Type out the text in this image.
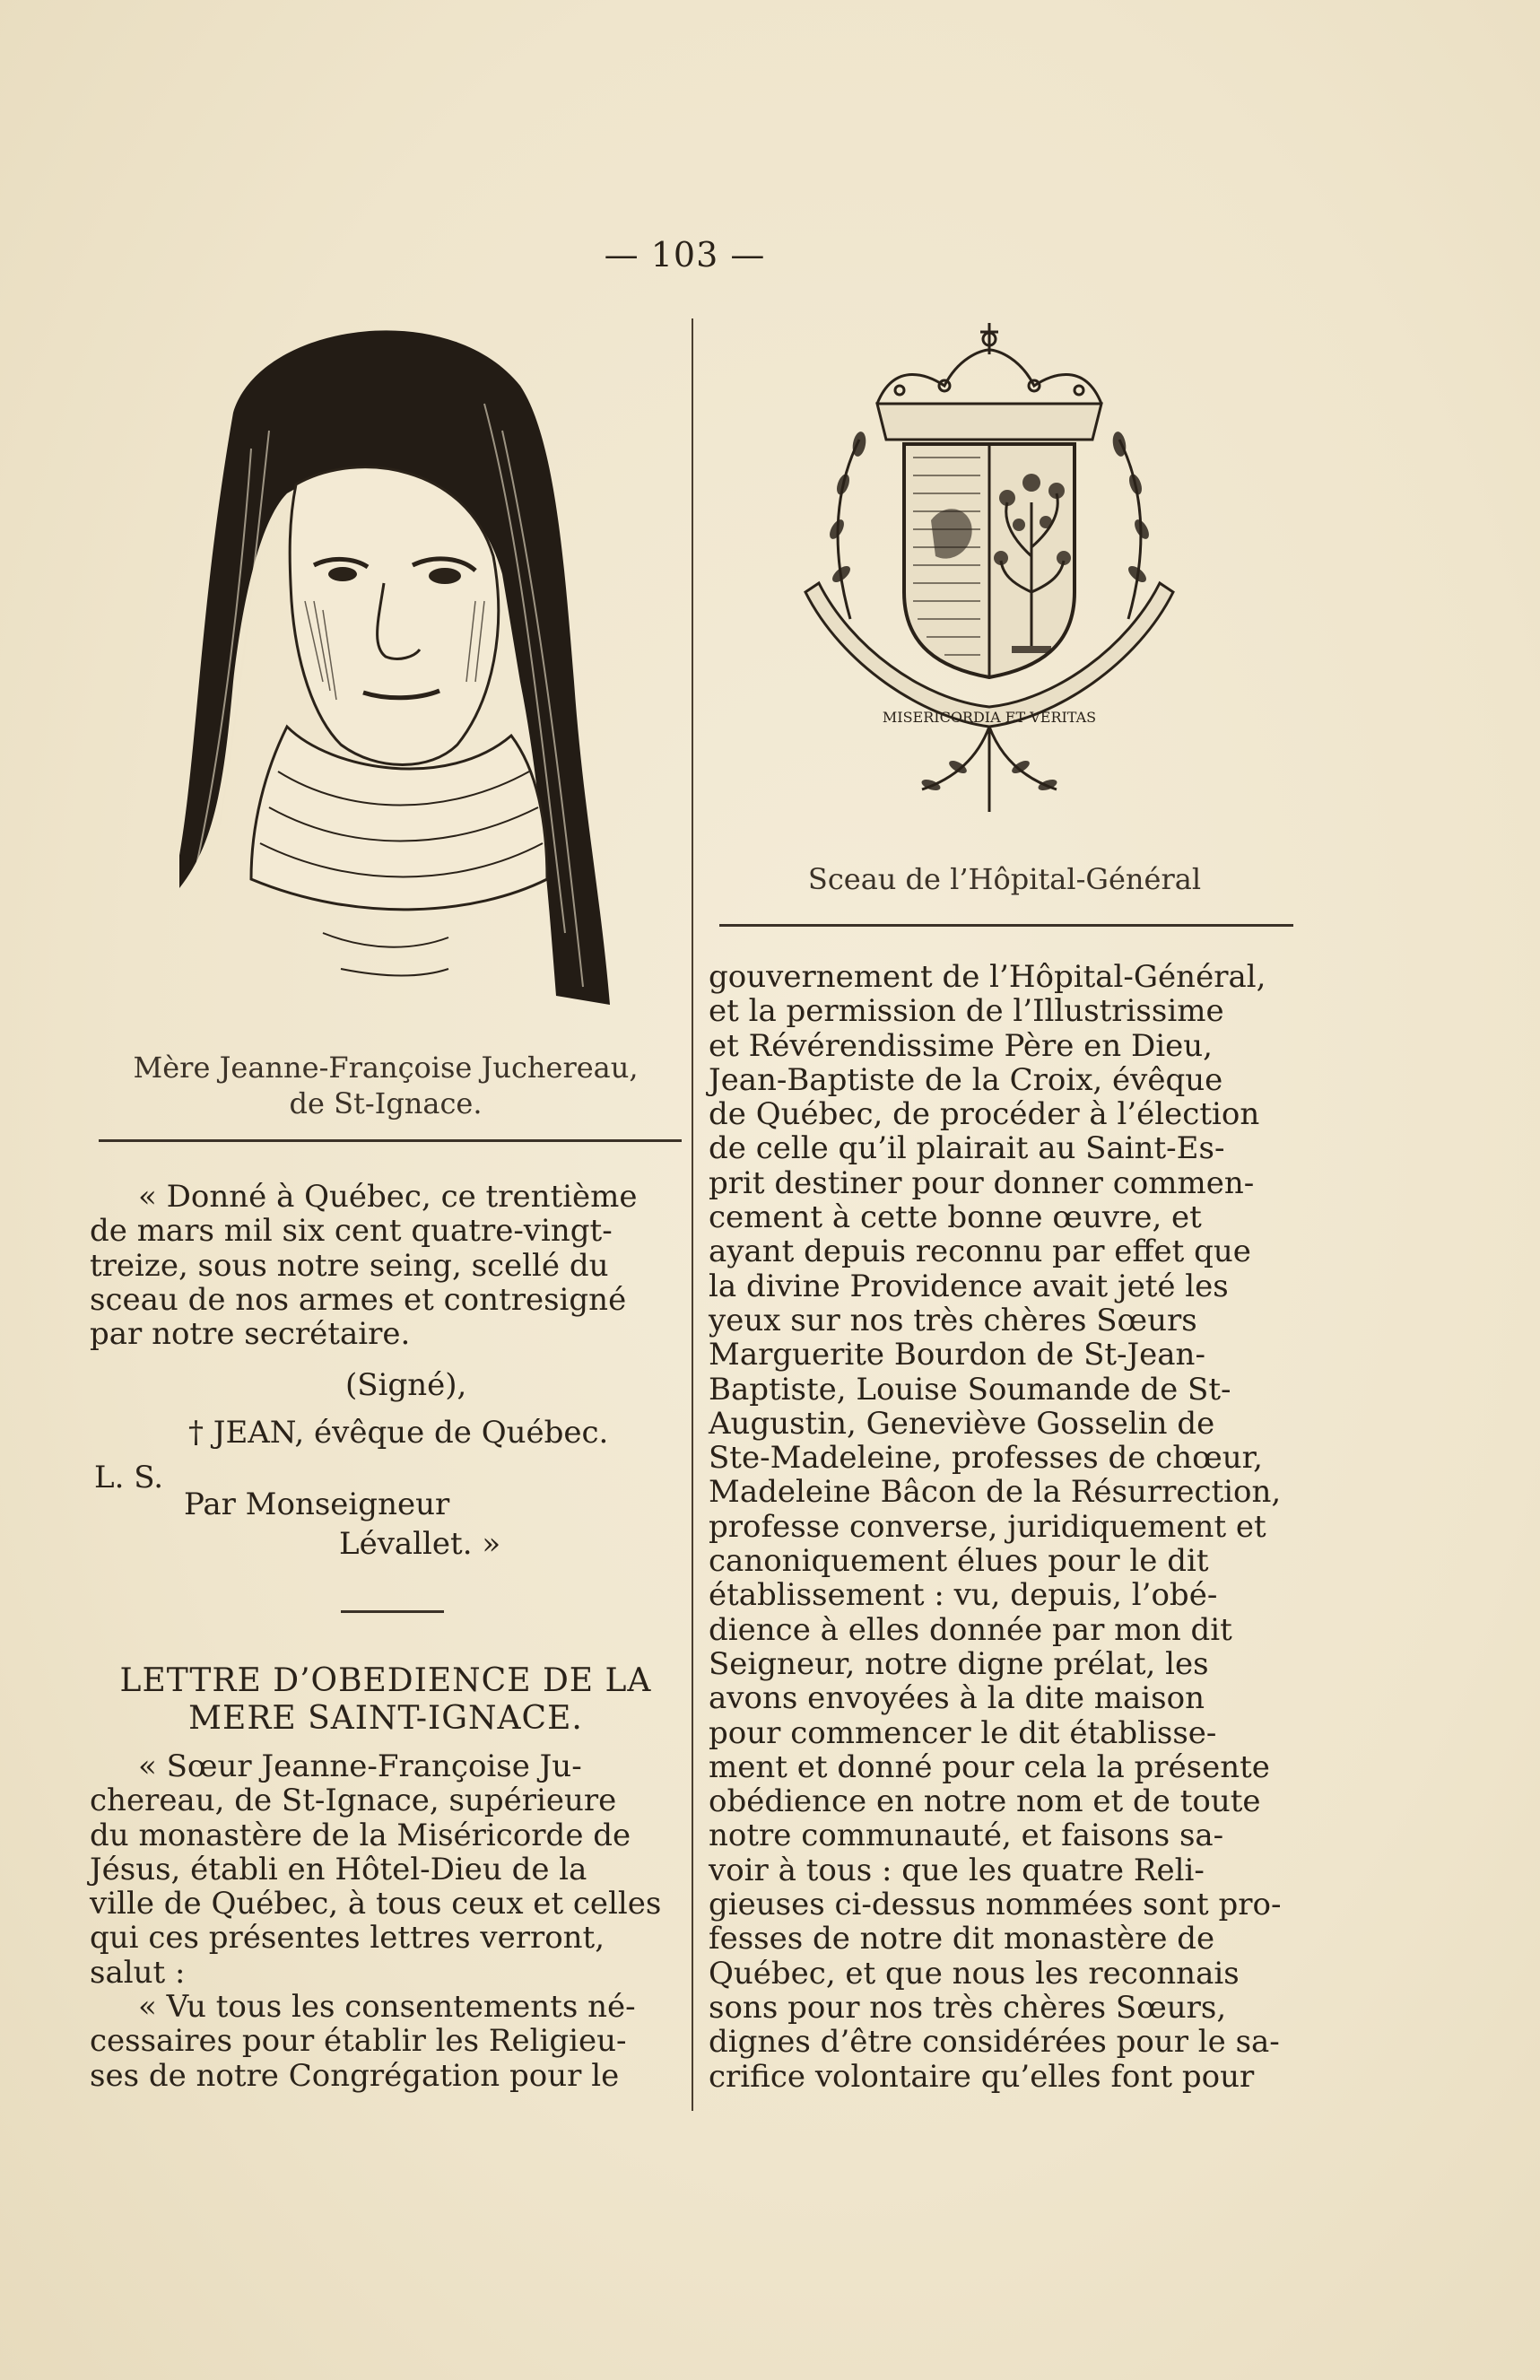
— 103 —
Mère Jeanne-Françoise Juchereau,
de St-Ignace.
« Donné à Québec, ce trentième
de mars mil six cent quatre-vingt-
treize, sous notre seing, scellé du
sceau de nos armes et contresigné
par notre secrétaire.
(Signé),
† JEAN, évêque de Québec.
L. S.
Par Monseigneur
Lévallet. »
LETTRE D’OBEDIENCE DE LA
MERE SAINT-IGNACE.
« Sœur Jeanne-Françoise Ju-
chereau, de St-Ignace, supérieure
du monastère de la Miséricorde de
Jésus, établi en Hôtel-Dieu de la
ville de Québec, à tous ceux et celles
qui ces présentes lettres verront,
salut :
« Vu tous les consentements né-
cessaires pour établir les Religieu-
ses de notre Congrégation pour le
MISERICORDIA ET VERITAS
Sceau de l’Hôpital-Général
gouvernement de l’Hôpital-Général,
et la permission de l’Illustrissime
et Révérendissime Père en Dieu,
Jean-Baptiste de la Croix, évêque
de Québec, de procéder à l’élection
de celle qu’il plairait au Saint-Es-
prit destiner pour donner commen-
cement à cette bonne œuvre, et
ayant depuis reconnu par effet que
la divine Providence avait jeté les
yeux sur nos très chères Sœurs
Marguerite Bourdon de St-Jean-
Baptiste, Louise Soumande de St-
Augustin, Geneviève Gosselin de
Ste-Madeleine, professes de chœur,
Madeleine Bâcon de la Résurrection,
professe converse, juridiquement et
canoniquement élues pour le dit
établissement : vu, depuis, l’obé-
dience à elles donnée par mon dit
Seigneur, notre digne prélat, les
avons envoyées à la dite maison
pour commencer le dit établisse-
ment et donné pour cela la présente
obédience en notre nom et de toute
notre communauté, et faisons sa-
voir à tous : que les quatre Reli-
gieuses ci-dessus nommées sont pro-
fesses de notre dit monastère de
Québec, et que nous les reconnais
sons pour nos très chères Sœurs,
dignes d’être considérées pour le sa-
crifice volontaire qu’elles font pour
